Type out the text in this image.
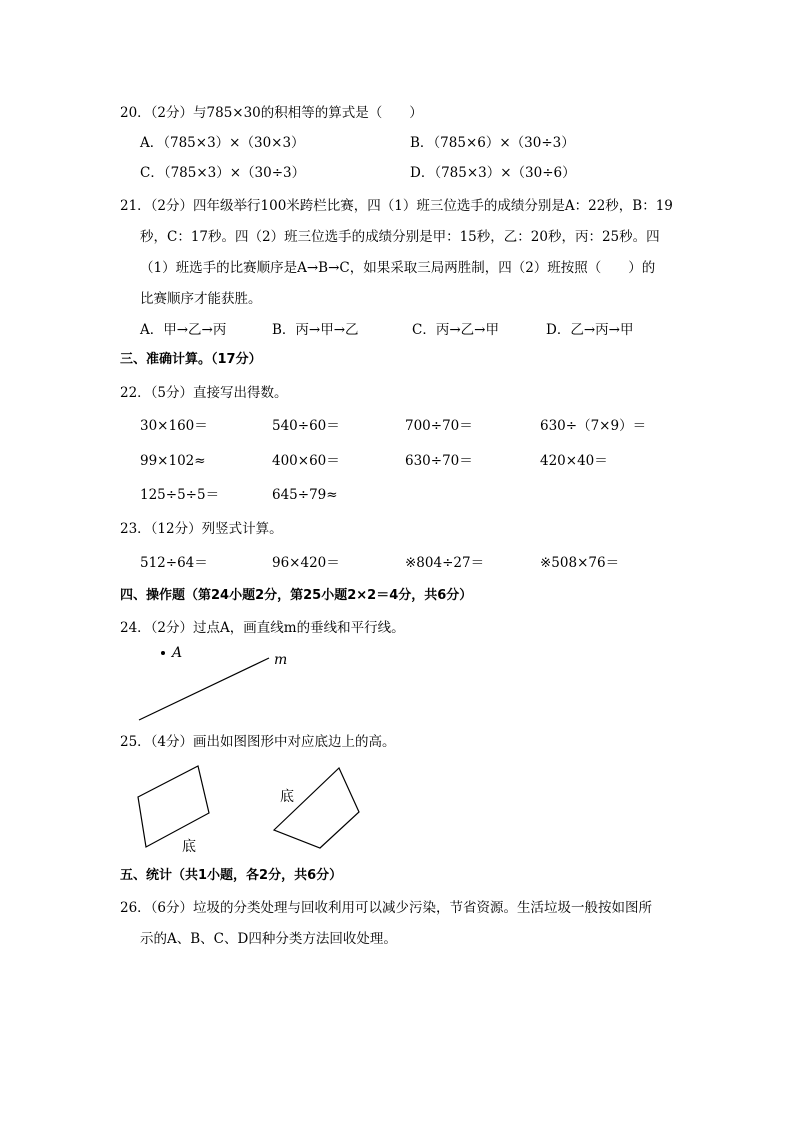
20．（2分）与785×30的积相等的算式是（　　）
A．（785×3）×（30×3）	B．（785×6）×（30÷3）
C．（785×3）×（30÷3）	D．（785×3）×（30÷6）
21．（2分）四年级举行100米跨栏比赛，四（1）班三位选手的成绩分别是A：22秒，B：19
秒，C：17秒。四（2）班三位选手的成绩分别是甲：15秒，乙：20秒，丙：25秒。四
（1）班选手的比赛顺序是A→B→C，如果采取三局两胜制，四（2）班按照（　　）的
比赛顺序才能获胜。
A．甲→乙→丙	B．丙→甲→乙	C．丙→乙→甲	D．乙→丙→甲
三、准确计算。（17分）
22．（5分）直接写出得数。
30×160＝	540÷60＝	700÷70＝	630÷（7×9）＝
99×102≈	400×60＝	630÷70＝	420×40＝
125÷5÷5＝	645÷79≈
23．（12分）列竖式计算。
512÷64＝	96×420＝	※804÷27＝	※508×76＝
四、操作题（第24小题2分，第25小题2×2＝4分，共6分）
24．（2分）过点A，画直线m的垂线和平行线。
A	m
底
底
25．（4分）画出如图图形中对应底边上的高。
五、统计（共1小题，各2分，共6分）
26．（6分）垃圾的分类处理与回收利用可以减少污染，节省资源。生活垃圾一般按如图所
示的A、B、C、D四种分类方法回收处理。
